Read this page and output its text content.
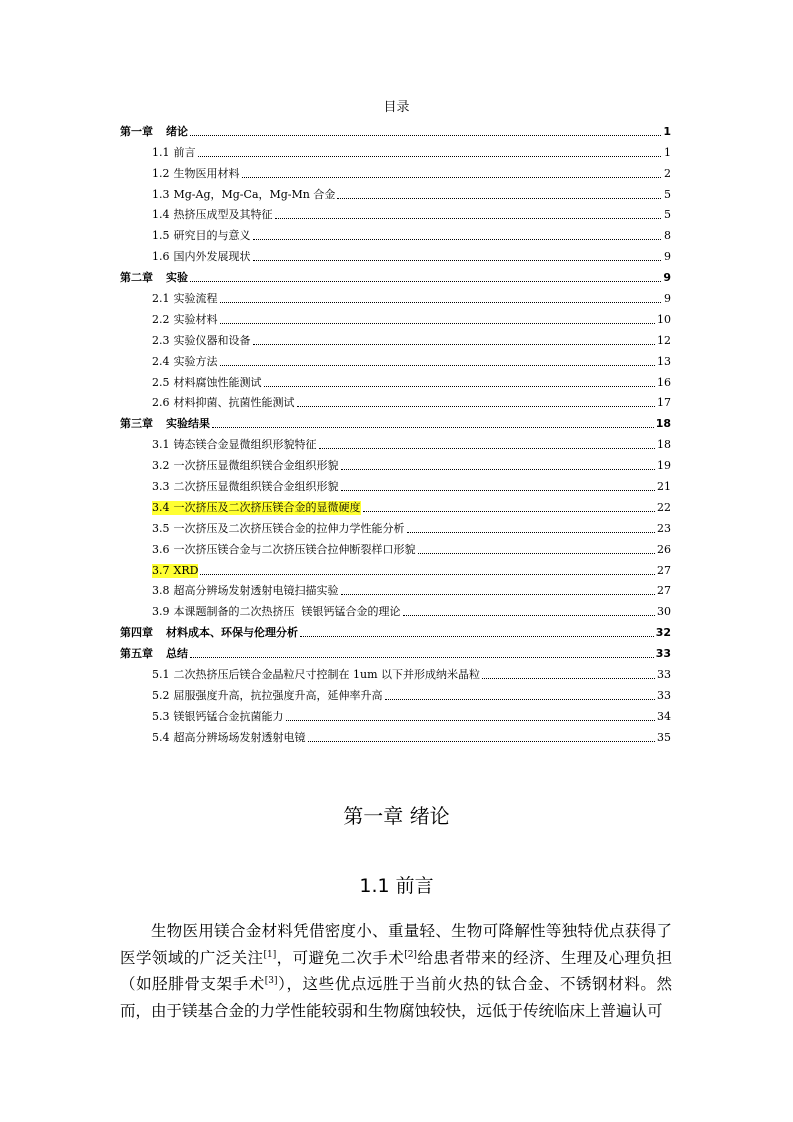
目录
第一章 绪论	1
1.1 前言	1
1.2 生物医用材料	2
1.3 Mg-Ag，Mg-Ca，Mg-Mn 合金	5
1.4 热挤压成型及其特征	5
1.5 研究目的与意义	8
1.6 国内外发展现状	9
第二章 实验	9
2.1 实验流程	9
2.2 实验材料	10
2.3 实验仪器和设备	12
2.4 实验方法	13
2.5 材料腐蚀性能测试	16
2.6 材料抑菌、抗菌性能测试	17
第三章 实验结果	18
3.1 铸态镁合金显微组织形貌特征	18
3.2 一次挤压显微组织镁合金组织形貌	19
3.3 二次挤压显微组织镁合金组织形貌	21
3.4 一次挤压及二次挤压镁合金的显微硬度	22
3.5 一次挤压及二次挤压镁合金的拉伸力学性能分析	23
3.6 一次挤压镁合金与二次挤压镁合拉伸断裂样口形貌	26
3.7 XRD	27
3.8 超高分辨场发射透射电镜扫描实验	27
3.9 本课题制备的二次热挤压  镁银钙锰合金的理论	30
第四章 材料成本、环保与伦理分析	32
第五章 总结	33
5.1 二次热挤压后镁合金晶粒尺寸控制在 1um 以下并形成纳米晶粒	33
5.2 屈服强度升高，抗拉强度升高，延伸率升高	33
5.3 镁银钙锰合金抗菌能力	34
5.4 超高分辨场场发射透射电镜	35
第一章 绪论
1.1 前言

生物医用镁合金材料凭借密度小、重量轻、生物可降解性等独特优点获得了医学领域的广泛关注[1]，可避免二次手术[2]给患者带来的经济、生理及心理负担（如胫腓骨支架手术[3]），这些优点远胜于当前火热的钛合金、不锈钢材料。然而，由于镁基合金的力学性能较弱和生物腐蚀较快，远低于传统临床上普遍认可
